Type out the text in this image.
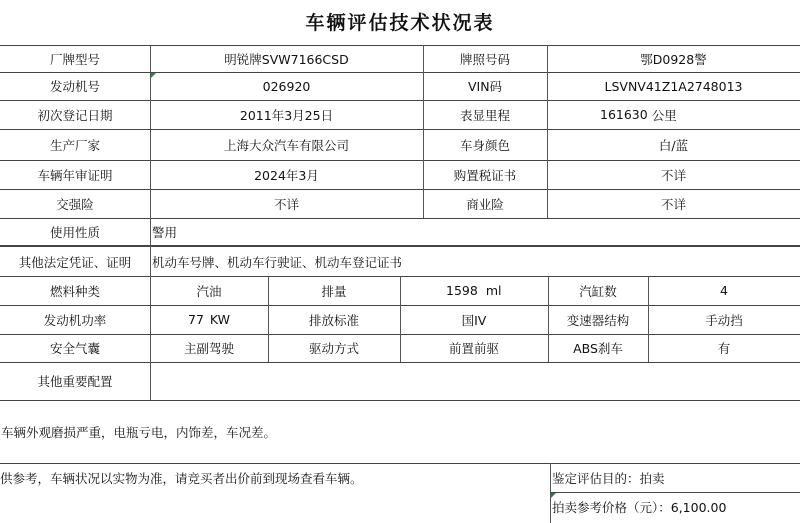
车辆评估技术状况表
厂牌型号	明锐牌SVW7166CSD	牌照号码	鄂D0928警
发动机号	026920	VIN码	LSVNV41Z1A2748013
初次登记日期	2011年3月25日	表显里程	161630 公里
生产厂家	上海大众汽车有限公司	车身颜色	白/蓝
车辆年审证明	2024年3月	购置税证书	不详
交强险	不详	商业险	不详
使用性质	警用
其他法定凭证、证明	机动车号牌、机动车行驶证、机动车登记证书
燃料种类	汽油	排量	1598 ml	汽缸数	4
发动机功率	77 KW	排放标准	国IV	变速器结构	手动挡
安全气囊	主副驾驶	驱动方式	前置前驱	ABS刹车	有
其他重要配置
车辆外观磨损严重，电瓶亏电，内饰差，车况差。
供参考，车辆状况以实物为准，请竞买者出价前到现场查看车辆。	鉴定评估目的：拍卖
拍卖参考价格（元）：6,100.00
